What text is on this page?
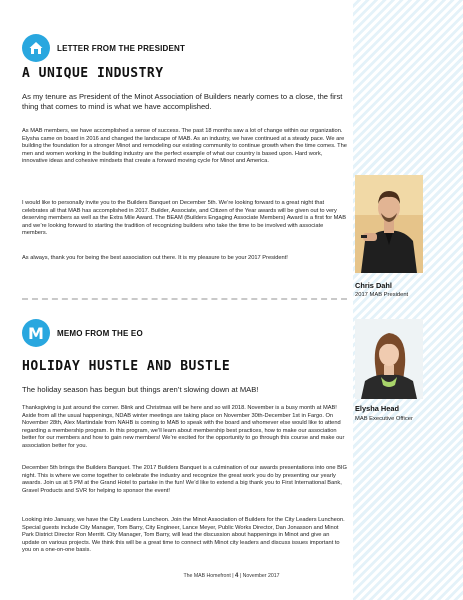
LETTER FROM THE PRESIDENT
A UNIQUE INDUSTRY
As my tenure as President of the Minot Association of Builders nearly comes to a close, the first thing that comes to mind is what we have accomplished.
As MAB members, we have accomplished a sense of success. The past 18 months saw a lot of change within our organization. Elysha came on board in 2016 and changed the landscape of MAB. As an industry, we have continued at a steady pace. We are building the foundation for a stronger Minot and remodeling our existing community to continue growth when the time comes. The men and women working in the building industry are the perfect example of what our country is based upon. Hard work, innovative ideas and cohesive mindsets that create a forward moving cycle for Minot and America.
I would like to personally invite you to the Builders Banquet on December 5th. We’re looking forward to a great night that celebrates all that MAB has accomplished in 2017. Builder, Associate, and Citizen of the Year awards will be given out to very deserving members as well as the Extra Mile Award. The BEAM (Builders Engaging Associate Members) Award is a first for MAB and we’re looking forward to starting the tradition of recognizing builders who take the time to be involved with associate members.
As always, thank you for being the best association out there. It is my pleasure to be your 2017 President!
Chris Dahl
2017 MAB President
M MEMO FROM THE EO
HOLIDAY HUSTLE AND BUSTLE
The holiday season has begun but things aren’t slowing down at MAB!
Thanksgiving is just around the corner. Blink and Christmas will be here and so will 2018. November is a busy month at MAB! Aside from all the usual happenings, NDAB winter meetings are taking place on November 30th-December 1st in Fargo. On November 28th, Alex Martindale from NAHB is coming to MAB to speak with the board and whomever else would like to attend regarding a membership program. In this program, we’ll learn about membership best practices, how to make our association better for our members and how to gain new members! We’re excited for the opportunity to go through this course and make our association better for you.
December 5th brings the Builders Banquet. The 2017 Builders Banquet is a culmination of our awards presentations into one BIG night. This is where we come together to celebrate the industry and recognize the great work you do by presenting our yearly awards. Join us at 5 PM at the Grand Hotel to partake in the fun! We’d like to extend a big thank you to First International Bank, Gravel Products and SVR for helping to sponsor the event!
Looking into January, we have the City Leaders Luncheon. Join the Minot Association of Builders for the City Leaders Luncheon. Special guests include City Manager, Tom Barry, City Engineer, Lance Meyer, Public Works Director, Dan Jonasson and Minot Park District Director Ron Merritt. City Manager, Tom Barry, will lead the discussion about happenings in Minot and give an update on various projects. We think this will be a great time to connect with Minot city leaders and discuss issues important to you on a one-on-one basis.
Elysha Head
MAB Executive Officer
The MAB Homefront | 4 | November 2017
